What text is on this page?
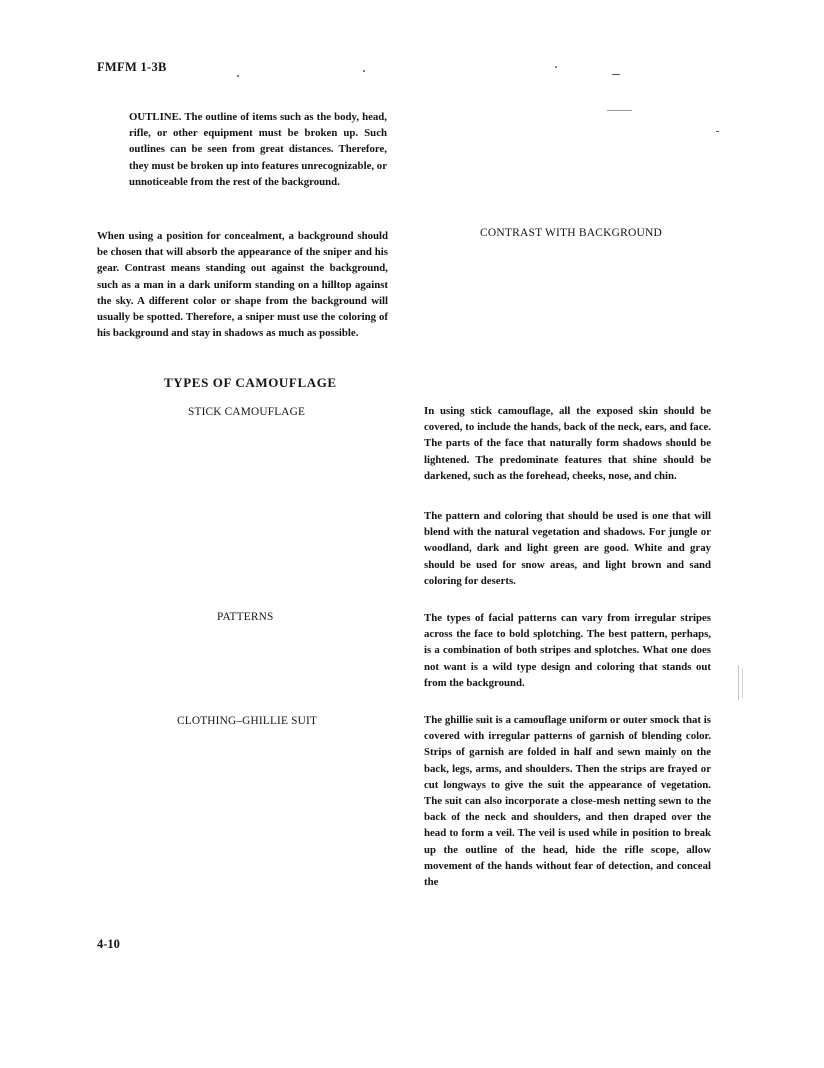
FMFM 1-3B

OUTLINE. The outline of items such as the body, head, rifle, or other equipment must be broken up. Such outlines can be seen from great distances. Therefore, they must be broken up into features unrecognizable, or unnoticeable from the rest of the background.

When using a position for concealment, a background should be chosen that will absorb the appearance of the sniper and his gear. Contrast means standing out against the background, such as a man in a dark uniform standing on a hilltop against the sky. A different color or shape from the background will usually be spotted. Therefore, a sniper must use the coloring of his background and stay in shadows as much as possible.

CONTRAST WITH BACKGROUND
TYPES OF CAMOUFLAGE
STICK CAMOUFLAGE	In using stick camouflage, all the exposed skin should be covered, to include the hands, back of the neck, ears, and face. The parts of the face that naturally form shadows should be lightened. The predominate features that shine should be darkened, such as the forehead, cheeks, nose, and chin.

The pattern and coloring that should be used is one that will blend with the natural vegetation and shadows. For jungle or woodland, dark and light green are good. White and gray should be used for snow areas, and light brown and sand coloring for deserts.

PATTERNS	The types of facial patterns can vary from irregular stripes across the face to bold splotching. The best pattern, perhaps, is a combination of both stripes and splotches. What one does not want is a wild type design and coloring that stands out from the background.

CLOTHING–GHILLIE SUIT	The ghillie suit is a camouflage uniform or outer smock that is covered with irregular patterns of garnish of blending color. Strips of garnish are folded in half and sewn mainly on the back, legs, arms, and shoulders. Then the strips are frayed or cut longways to give the suit the appearance of vegetation. The suit can also incorporate a close-mesh netting sewn to the back of the neck and shoulders, and then draped over the head to form a veil. The veil is used while in position to break up the outline of the head, hide the rifle scope, allow movement of the hands without fear of detection, and conceal the

4-10
